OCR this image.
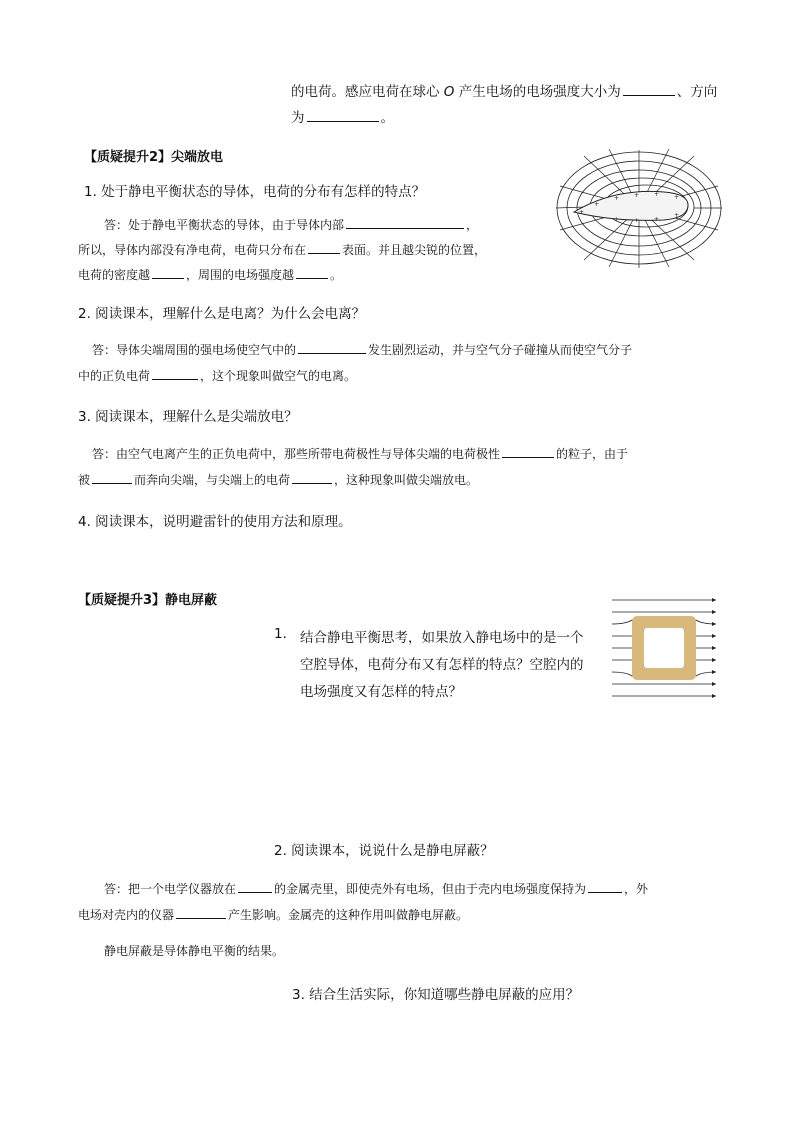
的电荷。感应电荷在球心 O 产生电场的电场强度大小为	、方向
为	。
【质疑提升2】尖端放电
1. 处于静电平衡状态的导体，电荷的分布有怎样的特点？
答：处于静电平衡状态的导体，由于导体内部	，
所以，导体内部没有净电荷，电荷只分布在	表面。并且越尖锐的位置，
电荷的密度越	，周围的电场强度越	。
+
+ + + +
+ + +
+
+
2. 阅读课本，理解什么是电离？为什么会电离？
答：导体尖端周围的强电场使空气中的	发生剧烈运动，并与空气分子碰撞从而使空气分子
中的正负电荷	，这个现象叫做空气的电离。
3. 阅读课本，理解什么是尖端放电？
答：由空气电离产生的正负电荷中，那些所带电荷极性与导体尖端的电荷极性	的粒子，由于
被	而奔向尖端，与尖端上的电荷	，这种现象叫做尖端放电。
4. 阅读课本，说明避雷针的使用方法和原理。
【质疑提升3】静电屏蔽
1. 结合静电平衡思考，如果放入静电场中的是一个
空腔导体，电荷分布又有怎样的特点？空腔内的
电场强度又有怎样的特点？
2. 阅读课本，说说什么是静电屏蔽？
答：把一个电学仪器放在	的金属壳里，即使壳外有电场，但由于壳内电场强度保持为	，外
电场对壳内的仪器	产生影响。金属壳的这种作用叫做静电屏蔽。
静电屏蔽是导体静电平衡的结果。
3. 结合生活实际，你知道哪些静电屏蔽的应用？
